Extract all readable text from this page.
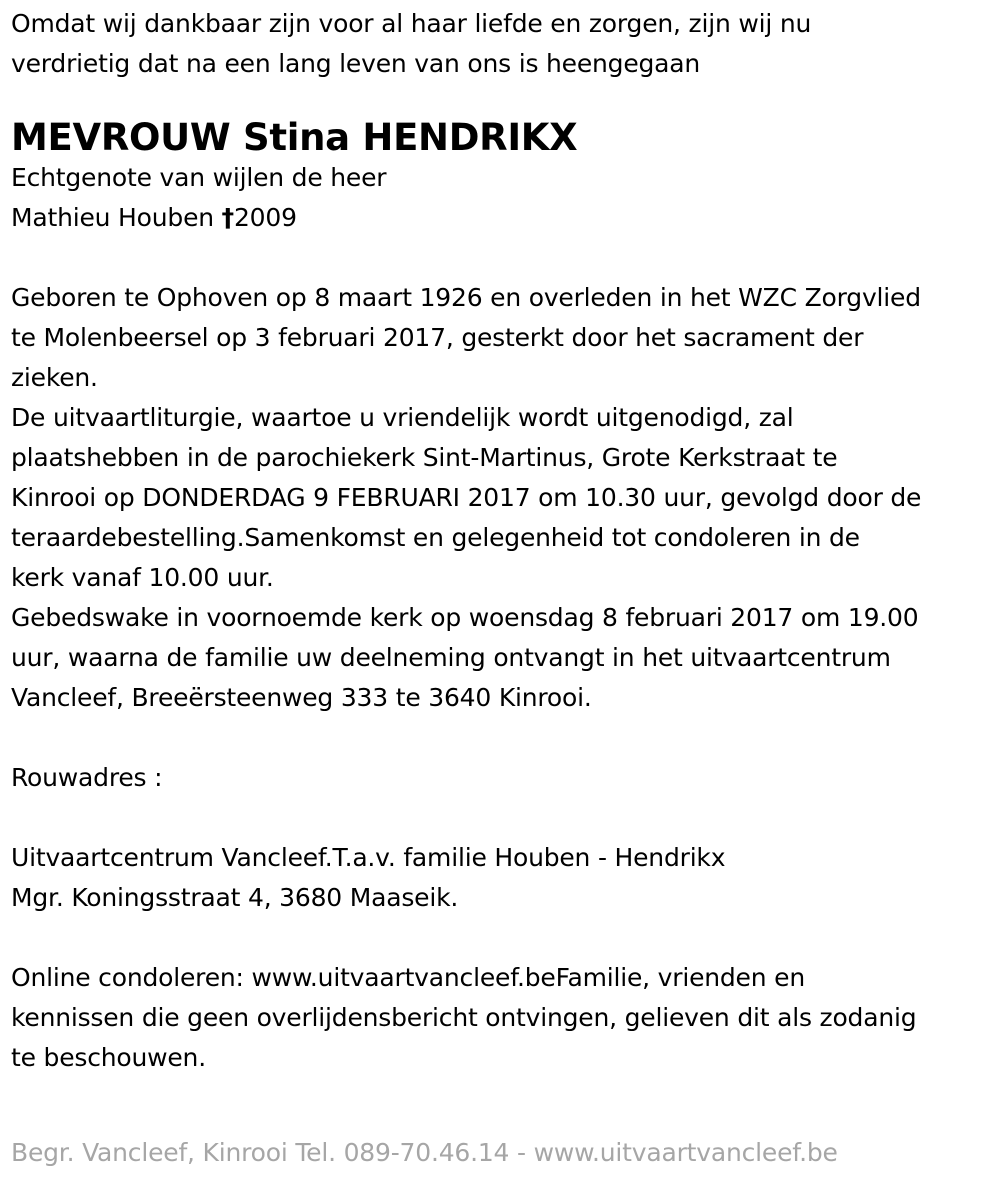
Omdat wij dankbaar zijn voor al haar liefde en zorgen, zijn wij nu
verdrietig dat na een lang leven van ons is heengegaan
MEVROUW Stina HENDRIKX
Echtgenote van wijlen de heer
Mathieu Houben †2009
Geboren te Ophoven op 8 maart 1926 en overleden in het WZC Zorgvlied
te Molenbeersel op 3 februari 2017, gesterkt door het sacrament der
zieken.
De uitvaartliturgie, waartoe u vriendelijk wordt uitgenodigd, zal
plaatshebben in de parochiekerk Sint-Martinus, Grote Kerkstraat te
Kinrooi op DONDERDAG 9 FEBRUARI 2017 om 10.30 uur, gevolgd door de
teraardebestelling.Samenkomst en gelegenheid tot condoleren in de
kerk vanaf 10.00 uur.
Gebedswake in voornoemde kerk op woensdag 8 februari 2017 om 19.00
uur, waarna de familie uw deelneming ontvangt in het uitvaartcentrum
Vancleef, Breeërsteenweg 333 te 3640 Kinrooi.
Rouwadres :
Uitvaartcentrum Vancleef.T.a.v. familie Houben - Hendrikx
Mgr. Koningsstraat 4, 3680 Maaseik.
Online condoleren: www.uitvaartvancleef.beFamilie, vrienden en
kennissen die geen overlijdensbericht ontvingen, gelieven dit als zodanig
te beschouwen.
Begr. Vancleef, Kinrooi Tel. 089-70.46.14 - www.uitvaartvancleef.be
